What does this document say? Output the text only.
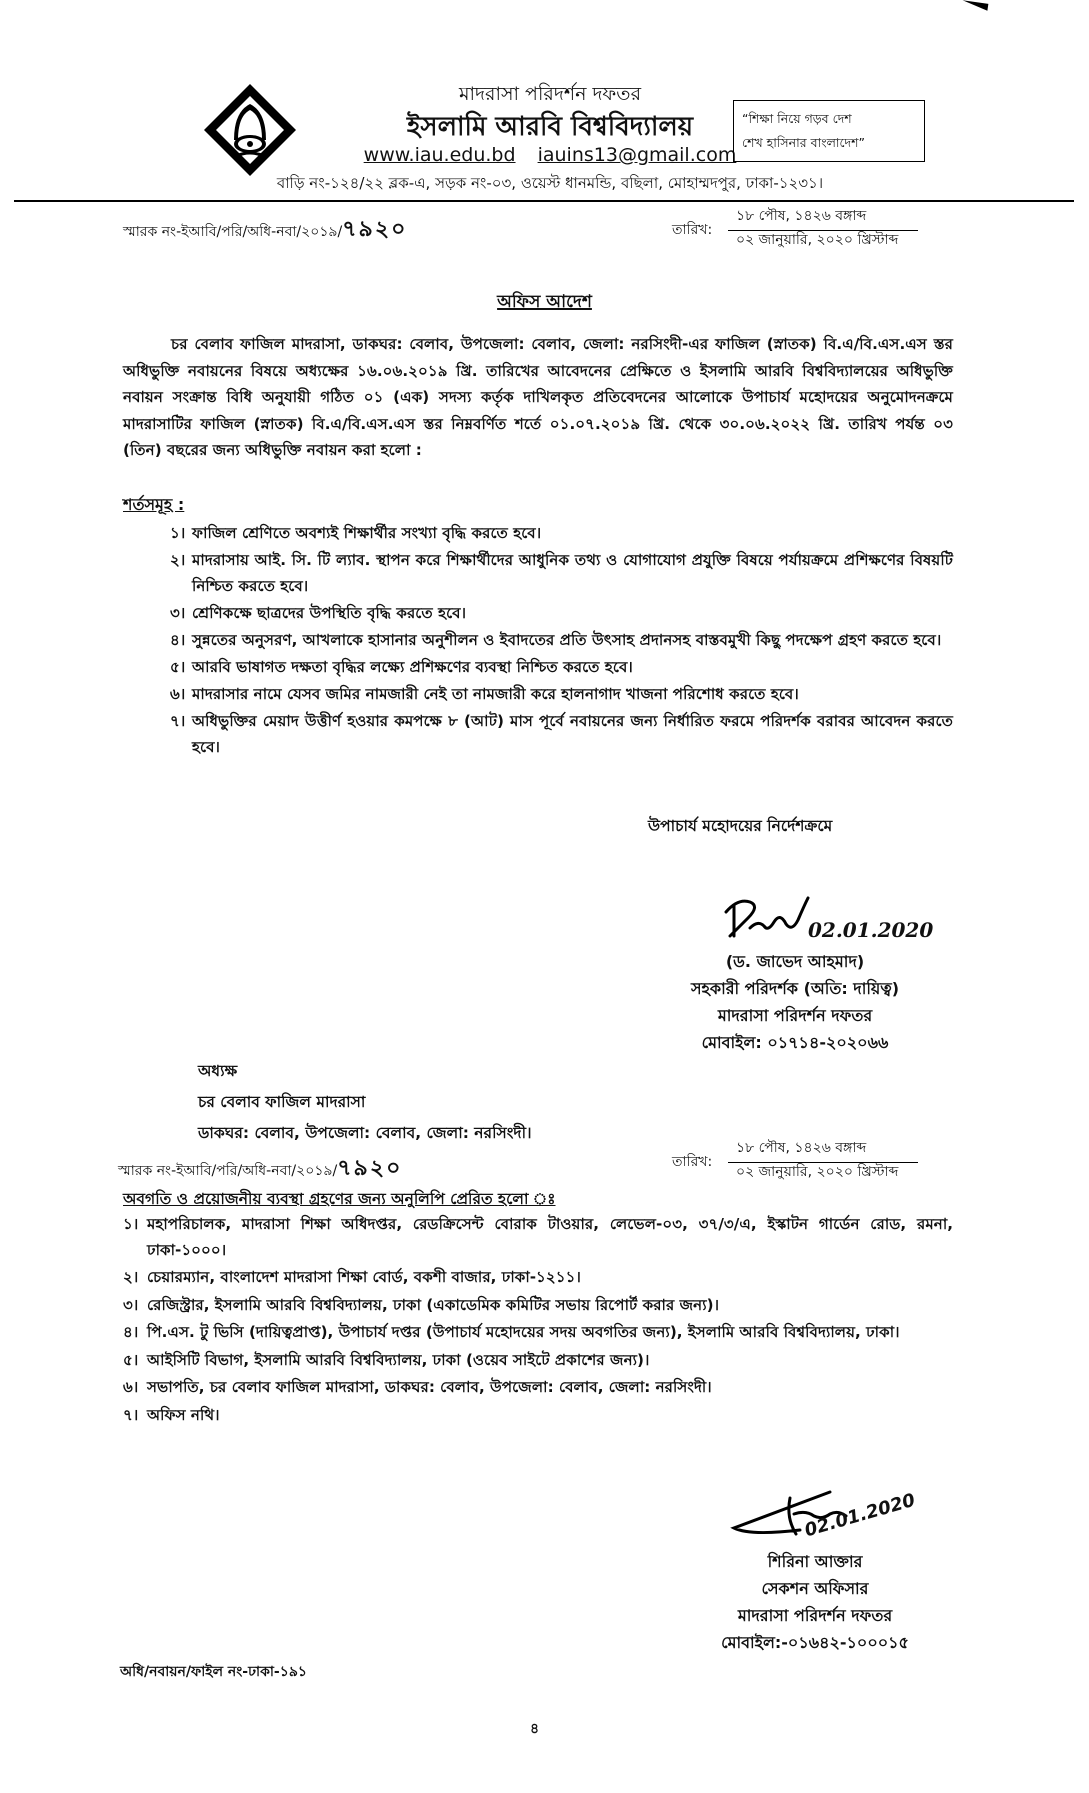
মাদরাসা পরিদর্শন দফতর
ইসলামি আরবি বিশ্ববিদ্যালয়
www.iau.edu.bd iauins13@gmail.com
“শিক্ষা নিয়ে গড়ব দেশ
শেখ হাসিনার বাংলাদেশ”
বাড়ি নং-১২৪/২২ ব্লক-এ, সড়ক নং-০৩, ওয়েস্ট ধানমন্ডি, বছিলা, মোহাম্মদপুর, ঢাকা-১২৩১।
স্মারক নং-ইআবি/পরি/অধি-নবা/২০১৯/৭৯২০	তারিখ:
১৮ পৌষ, ১৪২৬ বঙ্গাব্দ
০২ জানুয়ারি, ২০২০ খ্রিস্টাব্দ
অফিস আদেশ
চর বেলাব ফাজিল মাদরাসা, ডাকঘর: বেলাব, উপজেলা: বেলাব, জেলা: নরসিংদী-এর ফাজিল (স্নাতক) বি.এ/বি.এস.এস স্তর অধিভুক্তি নবায়নের বিষয়ে অধ্যক্ষের ১৬.০৬.২০১৯ খ্রি. তারিখের আবেদনের প্রেক্ষিতে ও ইসলামি আরবি বিশ্ববিদ্যালয়ের অধিভুক্তি নবায়ন সংক্রান্ত বিধি অনুযায়ী গঠিত ০১ (এক) সদস্য কর্তৃক দাখিলকৃত প্রতিবেদনের আলোকে উপাচার্য মহোদয়ের অনুমোদনক্রমে মাদরাসাটির ফাজিল (স্নাতক) বি.এ/বি.এস.এস স্তর নিম্নবর্ণিত শর্তে ০১.০৭.২০১৯ খ্রি. থেকে ৩০.০৬.২০২২ খ্রি. তারিখ পর্যন্ত ০৩ (তিন) বছরের জন্য অধিভুক্তি নবায়ন করা হলো :
শর্তসমূহ :
১। ফাজিল শ্রেণিতে অবশ্যই শিক্ষার্থীর সংখ্যা বৃদ্ধি করতে হবে।
২। মাদরাসায় আই. সি. টি ল্যাব. স্থাপন করে শিক্ষার্থীদের আধুনিক তথ্য ও যোগাযোগ প্রযুক্তি বিষয়ে পর্যায়ক্রমে প্রশিক্ষণের বিষয়টি নিশ্চিত করতে হবে।
৩। শ্রেণিকক্ষে ছাত্রদের উপস্থিতি বৃদ্ধি করতে হবে।
৪। সুন্নতের অনুসরণ, আখলাকে হাসানার অনুশীলন ও ইবাদতের প্রতি উৎসাহ প্রদানসহ বাস্তবমুখী কিছু পদক্ষেপ গ্রহণ করতে হবে।
৫। আরবি ভাষাগত দক্ষতা বৃদ্ধির লক্ষ্যে প্রশিক্ষণের ব্যবস্থা নিশ্চিত করতে হবে।
৬। মাদরাসার নামে যেসব জমির নামজারী নেই তা নামজারী করে হালনাগাদ খাজনা পরিশোধ করতে হবে।
৭। অধিভুক্তির মেয়াদ উত্তীর্ণ হওয়ার কমপক্ষে ৮ (আট) মাস পূর্বে নবায়নের জন্য নির্ধারিত ফরমে পরিদর্শক বরাবর আবেদন করতে হবে।
উপাচার্য মহোদয়ের নির্দেশক্রমে
02.01.2020
(ড. জাভেদ আহমাদ)
সহকারী পরিদর্শক (অতি: দায়িত্ব)
মাদরাসা পরিদর্শন দফতর
মোবাইল: ০১৭১৪-২০২০৬৬
অধ্যক্ষ
চর বেলাব ফাজিল মাদরাসা
ডাকঘর: বেলাব, উপজেলা: বেলাব, জেলা: নরসিংদী।
স্মারক নং-ইআবি/পরি/অধি-নবা/২০১৯/৭৯২০	তারিখ:
১৮ পৌষ, ১৪২৬ বঙ্গাব্দ
০২ জানুয়ারি, ২০২০ খ্রিস্টাব্দ
অবগতি ও প্রয়োজনীয় ব্যবস্থা গ্রহণের জন্য অনুলিপি প্রেরিত হলো ঃ
১। মহাপরিচালক, মাদরাসা শিক্ষা অধিদপ্তর, রেডক্রিসেন্ট বোরাক টাওয়ার, লেভেল-০৩, ৩৭/৩/এ, ইস্কাটন গার্ডেন রোড, রমনা, ঢাকা-১০০০।
২। চেয়ারম্যান, বাংলাদেশ মাদরাসা শিক্ষা বোর্ড, বকশী বাজার, ঢাকা-১২১১।
৩। রেজিস্ট্রার, ইসলামি আরবি বিশ্ববিদ্যালয়, ঢাকা (একাডেমিক কমিটির সভায় রিপোর্ট করার জন্য)।
৪। পি.এস. টু ভিসি (দায়িত্বপ্রাপ্ত), উপাচার্য দপ্তর (উপাচার্য মহোদয়ের সদয় অবগতির জন্য), ইসলামি আরবি বিশ্ববিদ্যালয়, ঢাকা।
৫। আইসিটি বিভাগ, ইসলামি আরবি বিশ্ববিদ্যালয়, ঢাকা (ওয়েব সাইটে প্রকাশের জন্য)।
৬। সভাপতি, চর বেলাব ফাজিল মাদরাসা, ডাকঘর: বেলাব, উপজেলা: বেলাব, জেলা: নরসিংদী।
৭। অফিস নথি।
02.01.2020
শিরিনা আক্তার
সেকশন অফিসার
মাদরাসা পরিদর্শন দফতর
মোবাইল:-০১৬৪২-১০০০১৫
অধি/নবায়ন/ফাইল নং-ঢাকা-১৯১
৪
